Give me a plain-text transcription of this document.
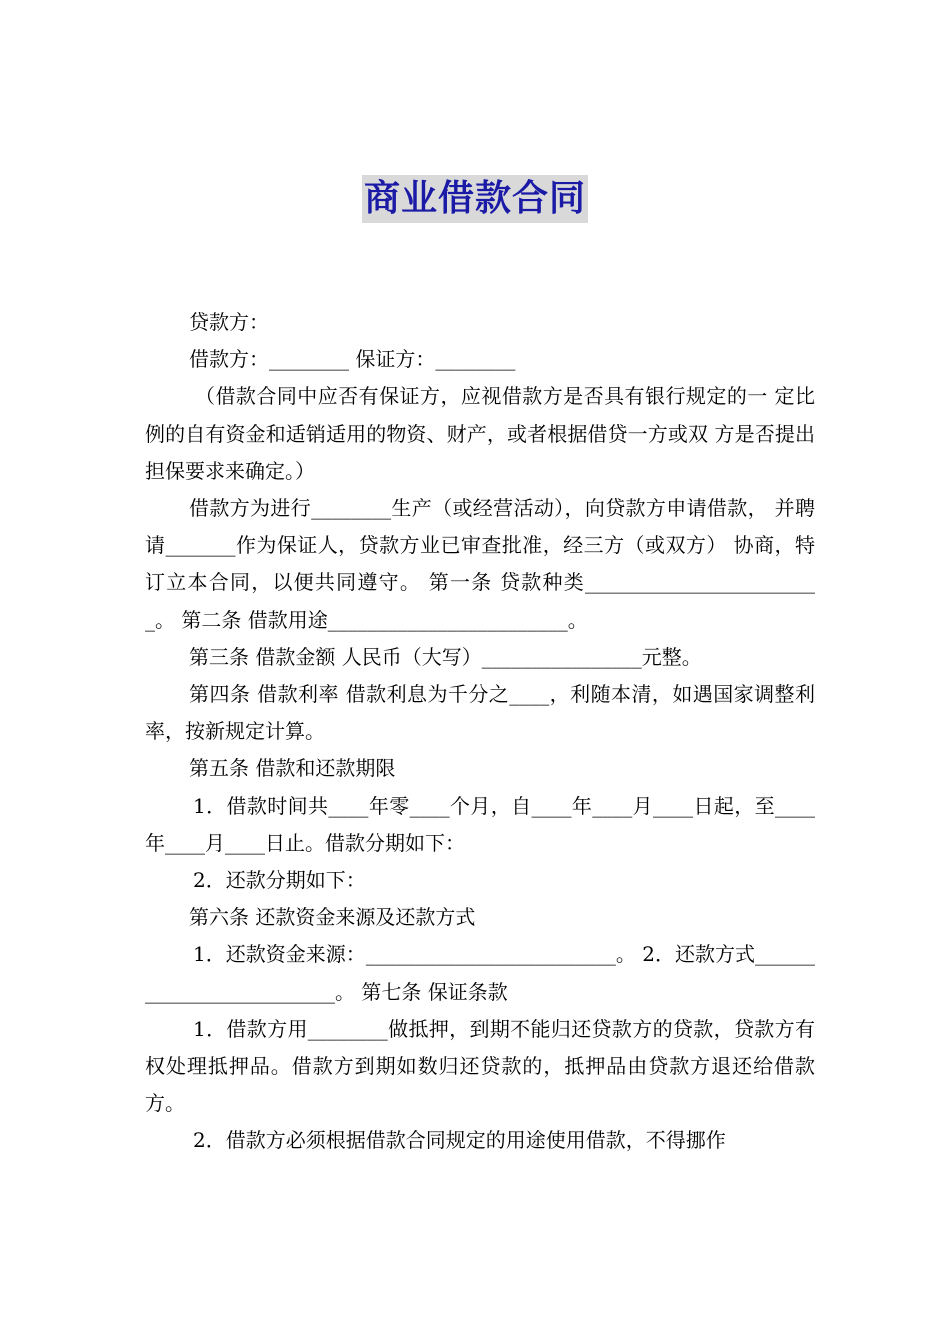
商业借款合同

贷款方：

借款方：________ 保证方：________

（借款合同中应否有保证方，应视借款方是否具有银行规定的一 定比例的自有资金和适销适用的物资、财产，或者根据借贷一方或双 方是否提出担保要求来确定。）

借款方为进行________生产（或经营活动），向贷款方申请借款， 并聘请_______作为保证人，贷款方业已审查批准，经三方（或双方） 协商，特订立本合同，以便共同遵守。 第一条 贷款种类________________________。 第二条 借款用途________________________。

第三条 借款金额 人民币（大写）________________元整。

第四条 借款利率 借款利息为千分之____，利随本清，如遇国家调整利率，按新规定计算。

第五条 借款和还款期限

1．借款时间共____年零____个月，自____年____月____日起，至____年____月____日止。借款分期如下：

2．还款分期如下：

第六条 还款资金来源及还款方式

1．还款资金来源：_________________________。 2．还款方式_________________________。 第七条 保证条款

1．借款方用________做抵押，到期不能归还贷款方的贷款，贷款方有权处理抵押品。借款方到期如数归还贷款的，抵押品由贷款方退还给借款方。

2．借款方必须根据借款合同规定的用途使用借款，不得挪作
